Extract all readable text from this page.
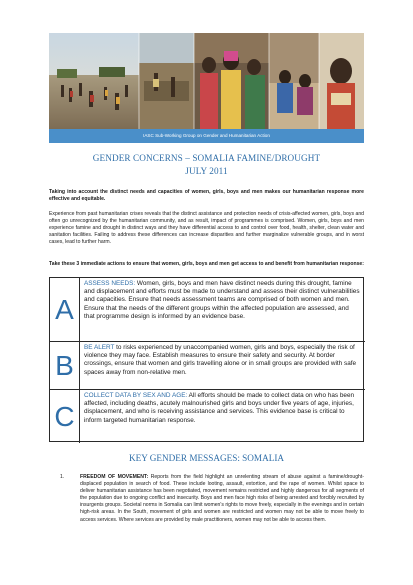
IASC Sub-Working Group on Gender and Humanitarian Action
GENDER CONCERNS – SOMALIA FAMINE/DROUGHT
JULY 2011
Taking into account the distinct needs and capacities of women, girls, boys and men makes our humanitarian response more effective and equitable.
Experience from past humanitarian crises reveals that the distinct assistance and protection needs of crisis-affected women, girls, boys and often go unrecognized by the humanitarian community, and as result, impact of programmes is comprised. Women, girls, boys and men experience famine and drought in distinct ways and they have differential access to and control over food, health, shelter, clean water and sanitation facilities. Failing to address these differences can increase disparities and further marginalize vulnerable groups, and in worst cases, lead to further harm.
Take these 3 immediate actions to ensure that women, girls, boys and men get access to and benefit from humanitarian response:
A
ASSESS NEEDS: Women, girls, boys and men have distinct needs during this drought, famine and displacement and efforts must be made to understand and assess their distinct vulnerabilities and capacities. Ensure that needs assessment teams are comprised of both women and men. Ensure that the needs of the different groups within the affected population are assessed, and that programme design is informed by an evidence base.
B
BE ALERT to risks experienced by unaccompanied women, girls and boys, especially the risk of violence they may face. Establish measures to ensure their safety and security. At border crossings, ensure that women and girls travelling alone or in small groups are provided with safe spaces away from non-relative men.
C
COLLECT DATA BY SEX AND AGE: All efforts should be made to collect data on who has been affected, including deaths, acutely malnourished girls and boys under five years of age, injuries, displacement, and who is receiving assistance and services. This evidence base is critical to inform targeted humanitarian response.
KEY GENDER MESSAGES: SOMALIA
1.	FREEDOM OF MOVEMENT: Reports from the field highlight an unrelenting stream of abuse against a famine/drought-displaced population in search of food. These include looting, assault, extortion, and the rape of women. Whilst space to deliver humanitarian assistance has been negotiated, movement remains restricted and highly dangerous for all segments of the population due to ongoing conflict and insecurity. Boys and men face high risks of being arrested and forcibly recruited by insurgents groups. Societal norms in Somalia can limit women's rights to move freely, especially in the evenings and in certain high-risk areas. In the South, movement of girls and women are restricted and women may not be able to move freely to access services. Where services are provided by male practitioners, women may not be able to access them.
